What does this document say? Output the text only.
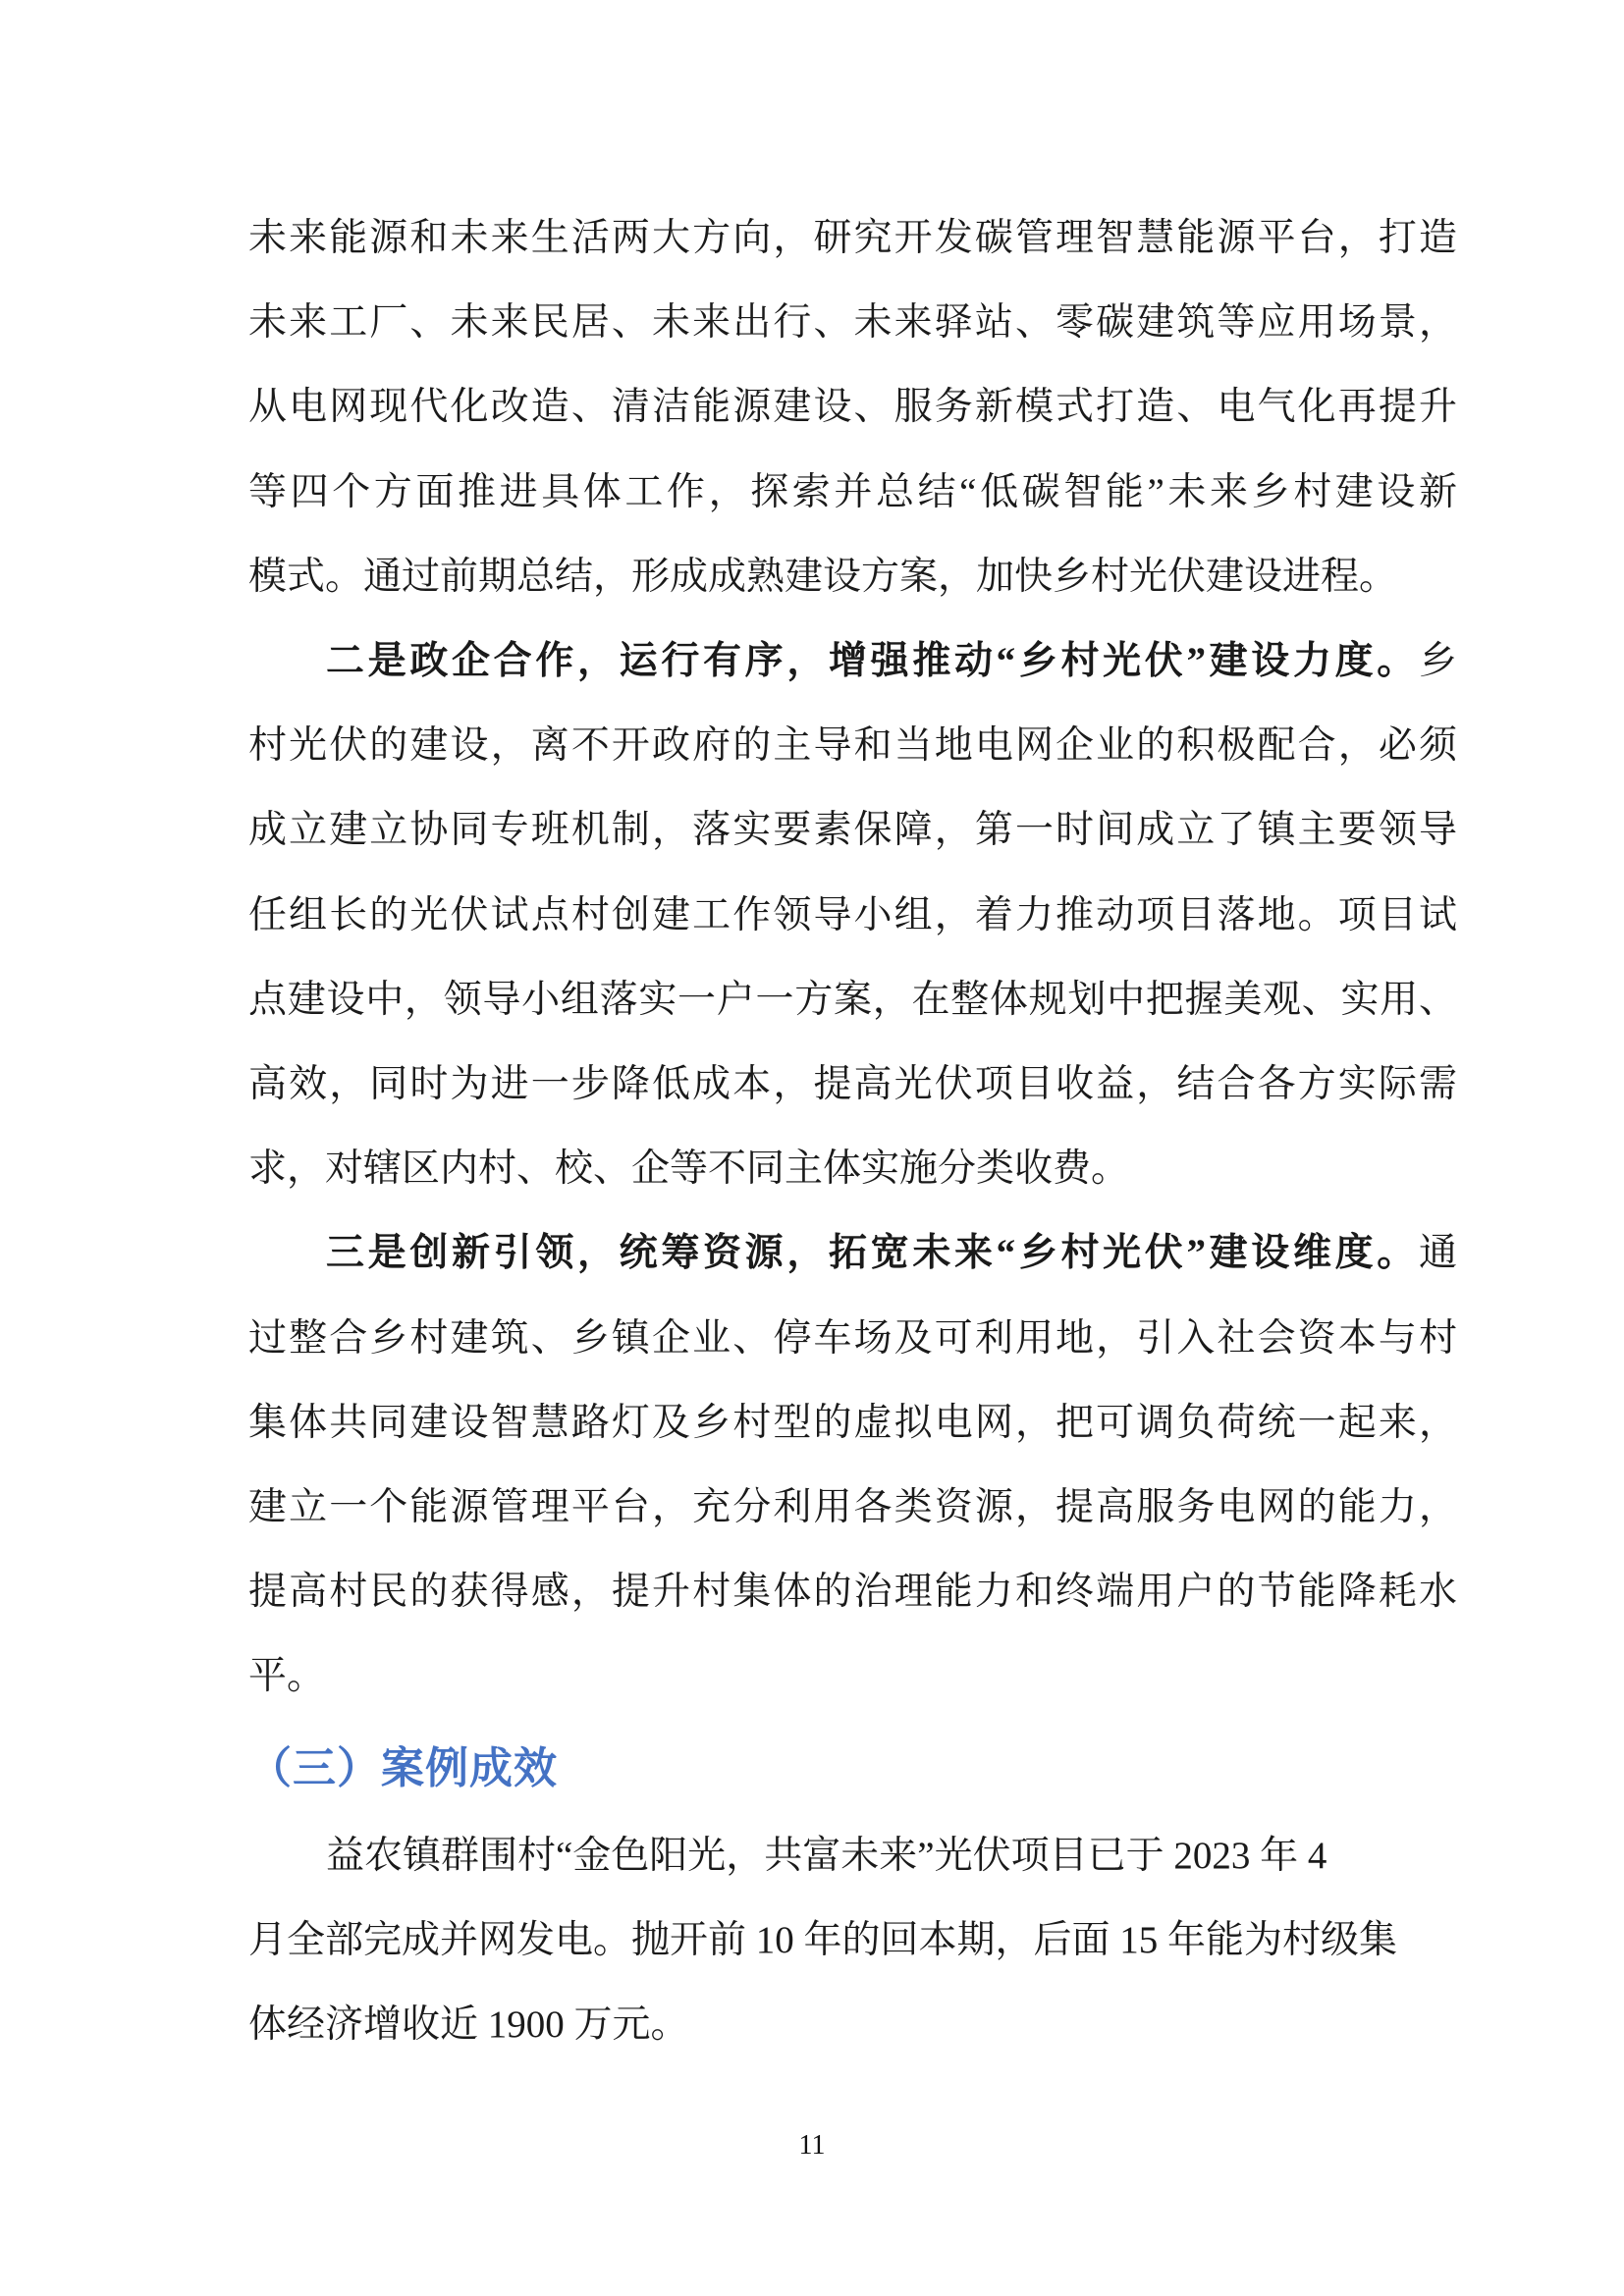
未来能源和未来生活两大方向，研究开发碳管理智慧能源平台，打造
未来工厂、未来民居、未来出行、未来驿站、零碳建筑等应用场景，
从电网现代化改造、清洁能源建设、服务新模式打造、电气化再提升
等四个方面推进具体工作，探索并总结“低碳智能”未来乡村建设新
模式。通过前期总结，形成成熟建设方案，加快乡村光伏建设进程。
二是政企合作，运行有序，增强推动“乡村光伏”建设力度。乡
村光伏的建设，离不开政府的主导和当地电网企业的积极配合，必须
成立建立协同专班机制，落实要素保障，第一时间成立了镇主要领导
任组长的光伏试点村创建工作领导小组，着力推动项目落地。项目试
点建设中，领导小组落实一户一方案，在整体规划中把握美观、实用、
高效，同时为进一步降低成本，提高光伏项目收益，结合各方实际需
求，对辖区内村、校、企等不同主体实施分类收费。
三是创新引领，统筹资源，拓宽未来“乡村光伏”建设维度。通
过整合乡村建筑、乡镇企业、停车场及可利用地，引入社会资本与村
集体共同建设智慧路灯及乡村型的虚拟电网，把可调负荷统一起来，
建立一个能源管理平台，充分利用各类资源，提高服务电网的能力，
提高村民的获得感，提升村集体的治理能力和终端用户的节能降耗水
平。
（三）案例成效
益农镇群围村“金色阳光，共富未来”光伏项目已于 2023 年 4
月全部完成并网发电。抛开前 10 年的回本期，后面 15 年能为村级集
体经济增收近 1900 万元。
11
